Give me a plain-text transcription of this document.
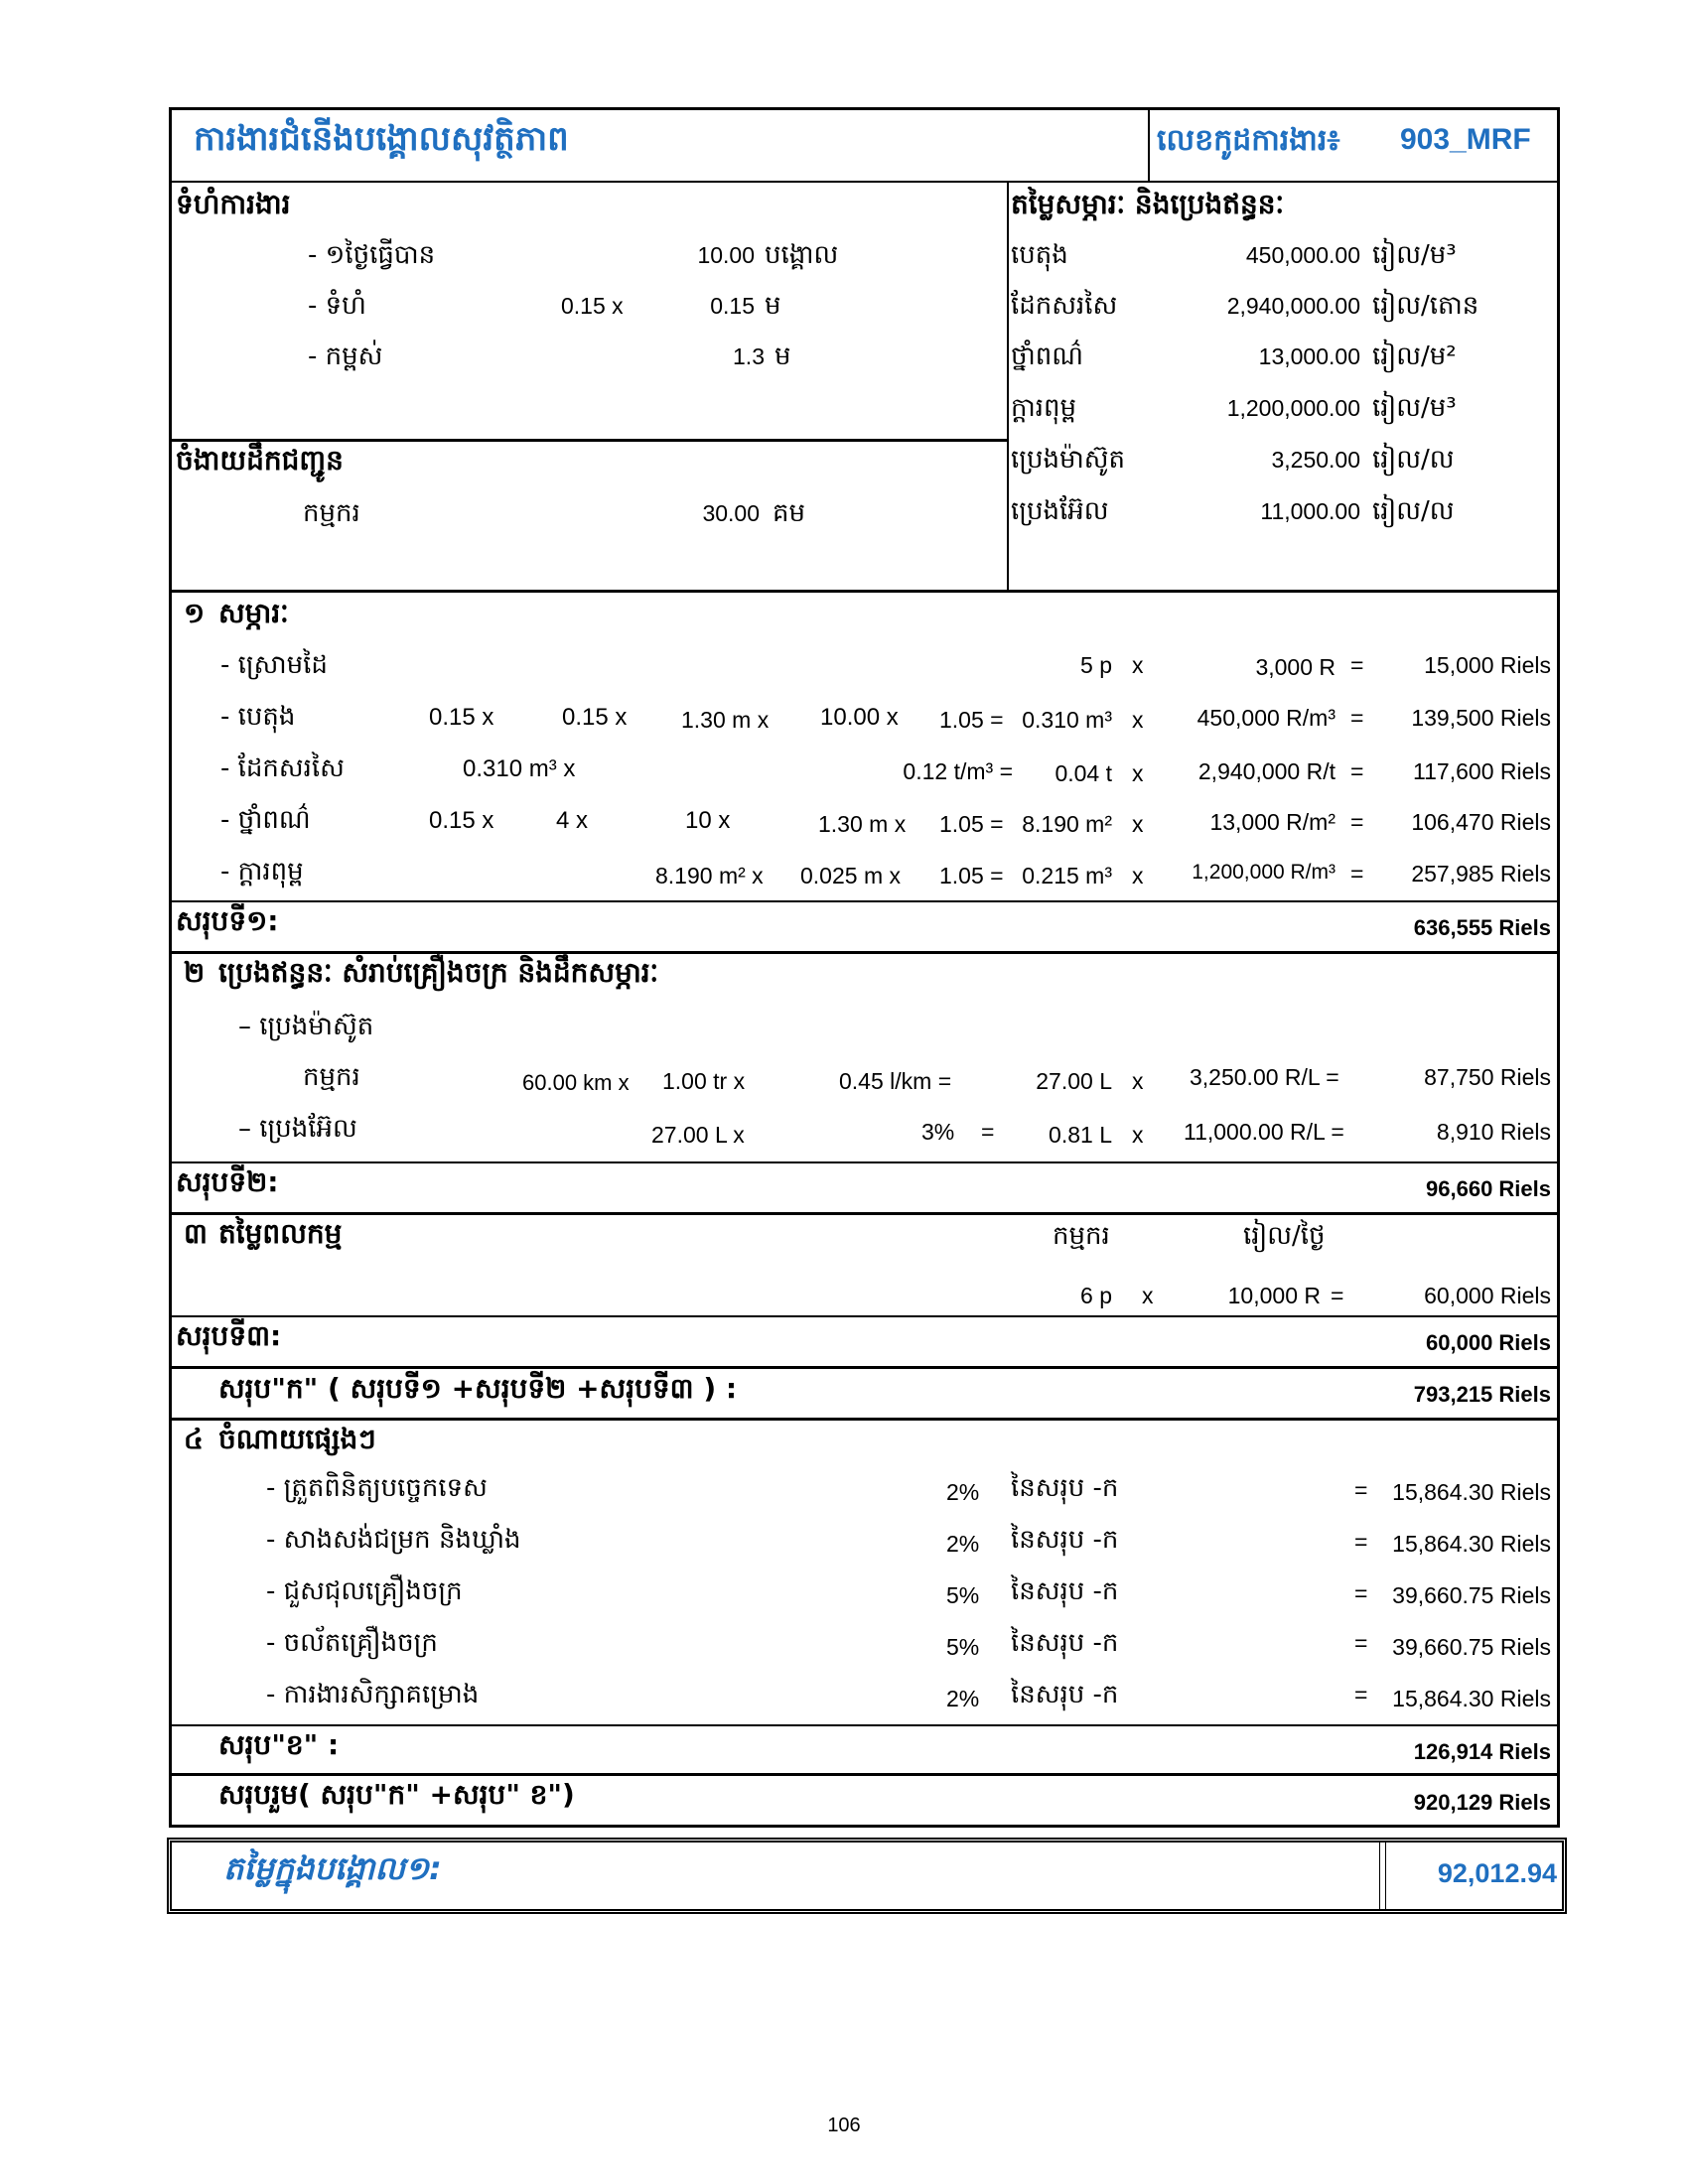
ការងារជំនើងបង្គោលសុវត្ថិភាព	លេខកូដការងារ៖ 903_MRF
ទំហំការងារ
- ១ថ្ងៃធ្វើបាន	10.00 បង្គោល
- ទំហំ	0.15 x	0.15 ម
- កម្ពស់	1.3 ម
ចំងាយដឹកជញ្ជូន
កម្មករ	30.00 គម
តម្លៃសម្ភារៈ និងប្រេងឥន្ធនៈ
បេតុង	450,000.00 រៀល/ម³
ដែកសរសៃ	2,940,000.00 រៀល/តោន
ថ្នាំពណ៌	13,000.00 រៀល/ម²
ក្តារពុម្ព	1,200,000.00 រៀល/ម³
ប្រេងម៉ាស៊ូត	3,250.00 រៀល/ល
ប្រេងអ៊ែល	11,000.00 រៀល/ល
១ សម្ភារៈ
- ស្រោមដៃ	5 p x	3,000 R =	15,000 Riels
- បេតុង	0.15 x	0.15 x 1.30 m x 10.00 x 1.05 = 0.310 m³ x	450,000 R/m³ =	139,500 Riels
- ដែកសរសៃ	0.310 m³ x	0.12 t/m³ =	0.04 t x	2,940,000 R/t =	117,600 Riels
- ថ្នាំពណ៌	0.15 x	4 x	10 x	1.30 m x 1.05 = 8.190 m² x	13,000 R/m² =	106,470 Riels
- ក្តារពុម្ព	8.190 m² x 0.025 m x 1.05 = 0.215 m³ x	1,200,000 R/m³ =	257,985 Riels
សរុបទី១:	636,555 Riels
២ ប្រេងឥន្ធនៈ សំរាប់គ្រឿងចក្រ និងដឹកសម្ភារៈ
– ប្រេងម៉ាស៊ូត
កម្មករ	60.00 km x 1.00 tr x	0.45 l/km =	27.00 L x 3,250.00 R/L =	87,750 Riels
– ប្រេងអ៊ែល	27.00 L x	3% =	0.81 L x 11,000.00 R/L =	8,910 Riels
សរុបទី២:	96,660 Riels
៣ តម្លៃពលកម្ម	កម្មករ	រៀល/ថ្ងៃ
6 p x	10,000 R =	60,000 Riels
សរុបទី៣:	60,000 Riels
សរុប"ក" ( សរុបទី១ +សរុបទី២ +សរុបទី៣ ) :	793,215 Riels
៤ ចំណាយផ្សេងៗ
- ត្រួតពិនិត្យបច្ចេកទេស	2% នៃសរុប -ក	=	15,864.30 Riels
- សាងសង់ជម្រក និងឃ្លាំង	2% នៃសរុប -ក	=	15,864.30 Riels
- ជួសជុលគ្រឿងចក្រ	5% នៃសរុប -ក	=	39,660.75 Riels
- ចល័តគ្រឿងចក្រ	5% នៃសរុប -ក	=	39,660.75 Riels
- ការងារសិក្សាគម្រោង	2% នៃសរុប -ក	=	15,864.30 Riels
សរុប"ខ" :	126,914 Riels
សរុបរួម( សរុប"ក" +សរុប" ខ")	920,129 Riels
តម្លៃក្នុងបង្គោល១:	92,012.94
106
